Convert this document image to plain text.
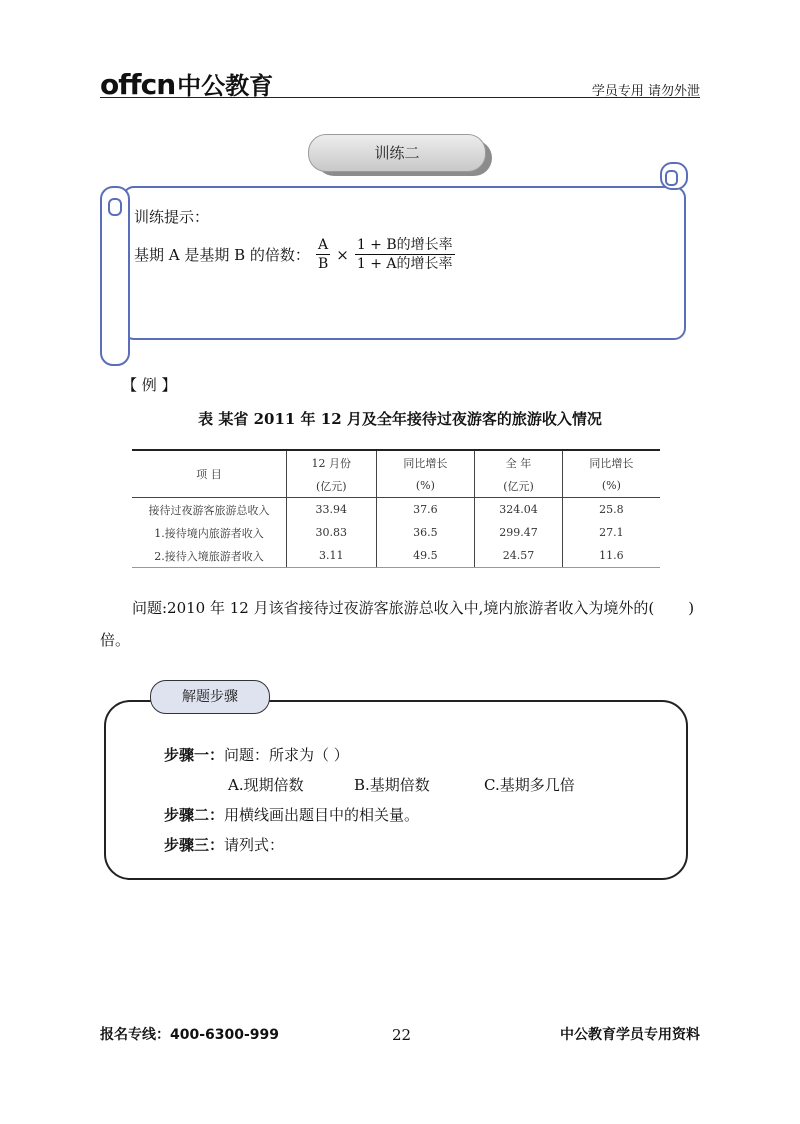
offcn中公教育	学员专用 请勿外泄
训练二
训练提示：
基期 A 是基期 B 的倍数： $\frac{A}{B} \times \frac{\text{1 + B的增长率}}{\text{1 + A的增长率}}$
【 例 】
表 某省 2011 年 12 月及全年接待过夜游客的旅游收入情况
项 目	12 月份	同比增长	全 年	同比增长
	(亿元)	(%)	(亿元)	(%)
接待过夜游客旅游总收入	33.94	37.6	324.04	25.8
1.接待境内旅游者收入	30.83	36.5	299.47	27.1
2.接待入境旅游者收入	3.11	49.5	24.57	11.6
问题:2010 年 12 月该省接待过夜游客旅游总收入中,境内旅游者收入为境外的( )倍。
解题步骤
步骤一：问题：所求为（ ）
A.现期倍数	B.基期倍数	C.基期多几倍
步骤二：用横线画出题目中的相关量。
步骤三：请列式：
报名专线：400-6300-999	22	中公教育学员专用资料
